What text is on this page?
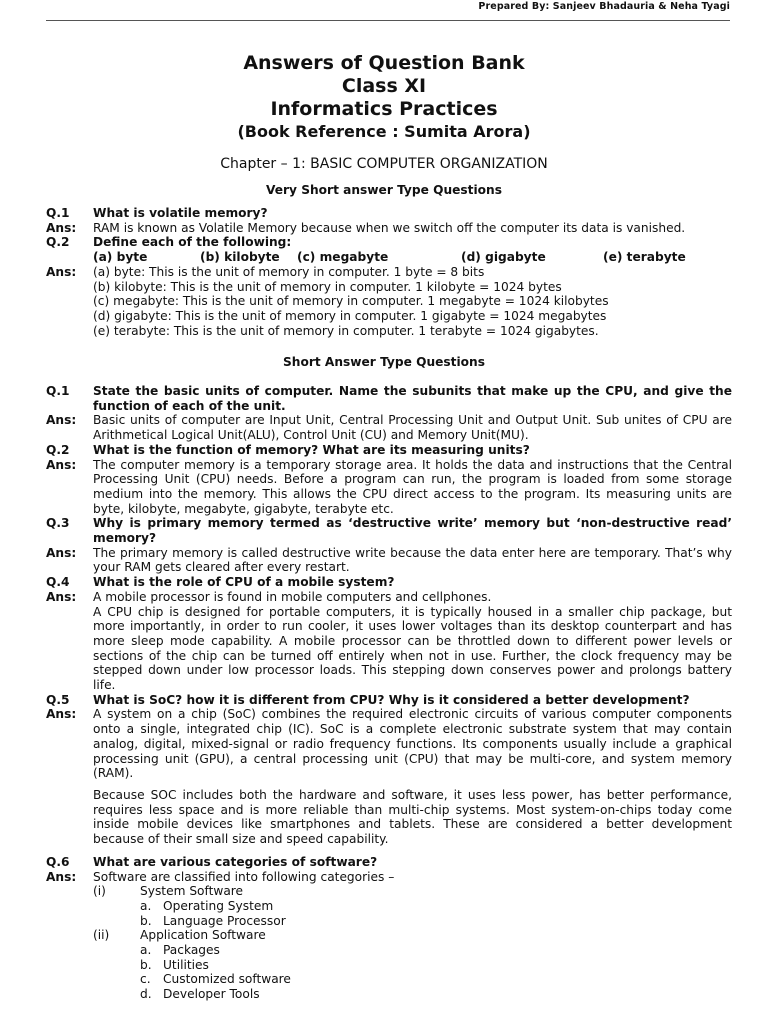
Prepared By: Sanjeev Bhadauria & Neha Tyagi
Answers of Question Bank
Class XI
Informatics Practices
(Book Reference : Sumita Arora)
Chapter – 1: BASIC COMPUTER ORGANIZATION
Very Short answer Type Questions
Q.1	What is volatile memory?
Ans:	RAM is known as Volatile Memory because when we switch off the computer its data is vanished.
Q.2	Define each of the following:
(a) byte	(b) kilobyte	(c) megabyte	(d) gigabyte	(e) terabyte
Ans:	(a) byte: This is the unit of memory in computer. 1 byte = 8 bits
(b) kilobyte: This is the unit of memory in computer. 1 kilobyte = 1024 bytes
(c) megabyte: This is the unit of memory in computer. 1 megabyte = 1024 kilobytes
(d) gigabyte: This is the unit of memory in computer. 1 gigabyte = 1024 megabytes
(e) terabyte: This is the unit of memory in computer. 1 terabyte = 1024 gigabytes.
Short Answer Type Questions
Q.1	State the basic units of computer. Name the subunits that make up the CPU, and give the function of each of the unit.
Ans:	Basic units of computer are Input Unit, Central Processing Unit and Output Unit. Sub unites of CPU are Arithmetical Logical Unit(ALU), Control Unit (CU) and Memory Unit(MU).
Q.2	What is the function of memory? What are its measuring units?
Ans:	The computer memory is a temporary storage area. It holds the data and instructions that the Central Processing Unit (CPU) needs. Before a program can run, the program is loaded from some storage medium into the memory. This allows the CPU direct access to the program. Its measuring units are byte, kilobyte, megabyte, gigabyte, terabyte etc.
Q.3	Why is primary memory termed as ‘destructive write’ memory but ‘non-destructive read’ memory?
Ans:	The primary memory is called destructive write because the data enter here are temporary. That’s why your RAM gets cleared after every restart.
Q.4	What is the role of CPU of a mobile system?
Ans:	A mobile processor is found in mobile computers and cellphones.
A CPU chip is designed for portable computers, it is typically housed in a smaller chip package, but more importantly, in order to run cooler, it uses lower voltages than its desktop counterpart and has more sleep mode capability. A mobile processor can be throttled down to different power levels or sections of the chip can be turned off entirely when not in use. Further, the clock frequency may be stepped down under low processor loads. This stepping down conserves power and prolongs battery life.
Q.5	What is SoC? how it is different from CPU? Why is it considered a better development?
Ans:	A system on a chip (SoC) combines the required electronic circuits of various computer components onto a single, integrated chip (IC). SoC is a complete electronic substrate system that may contain analog, digital, mixed-signal or radio frequency functions. Its components usually include a graphical processing unit (GPU), a central processing unit (CPU) that may be multi-core, and system memory (RAM).
Because SOC includes both the hardware and software, it uses less power, has better performance, requires less space and is more reliable than multi-chip systems. Most system-on-chips today come inside mobile devices like smartphones and tablets. These are considered a better development because of their small size and speed capability.
Q.6	What are various categories of software?
Ans:	Software are classified into following categories –
(i)	System Software
a. Operating System
b. Language Processor
(ii)	Application Software
a. Packages
b. Utilities
c.	Customized software
d. Developer Tools
